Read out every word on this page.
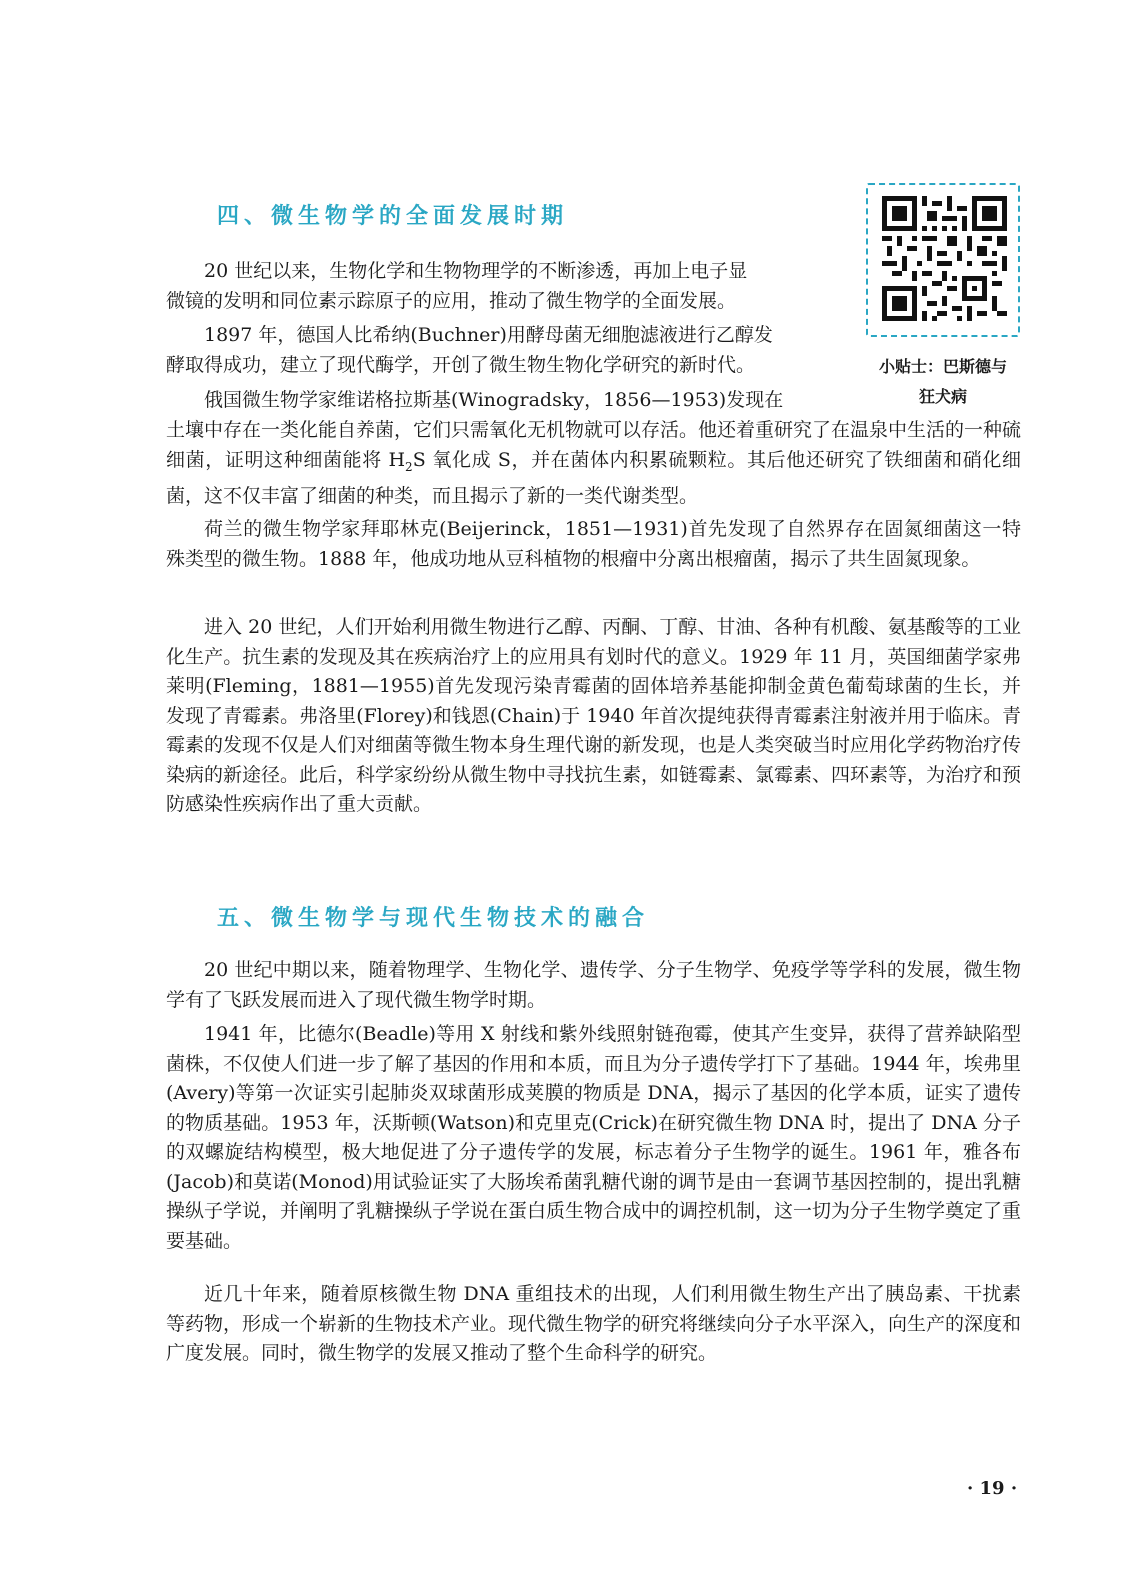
四、微生物学的全面发展时期

20 世纪以来，生物化学和生物物理学的不断渗透，再加上电子显
微镜的发明和同位素示踪原子的应用，推动了微生物学的全面发展。

1897 年，德国人比希纳(Buchner)用酵母菌无细胞滤液进行乙醇发
酵取得成功，建立了现代酶学，开创了微生物生物化学研究的新时代。

俄国微生物学家维诺格拉斯基(Winogradsky，1856—1953)发现在

土壤中存在一类化能自养菌，它们只需氧化无机物就可以存活。他还着重研究了在温泉中生活的一种硫细菌，证明这种细菌能将 $H_2S$ 氧化成 S，并在菌体内积累硫颗粒。其后他还研究了铁细菌和硝化细菌，这不仅丰富了细菌的种类，而且揭示了新的一类代谢类型。

荷兰的微生物学家拜耶林克(Beijerinck，1851—1931)首先发现了自然界存在固氮细菌这一特殊类型的微生物。1888 年，他成功地从豆科植物的根瘤中分离出根瘤菌，揭示了共生固氮现象。

进入 20 世纪，人们开始利用微生物进行乙醇、丙酮、丁醇、甘油、各种有机酸、氨基酸等的工业化生产。抗生素的发现及其在疾病治疗上的应用具有划时代的意义。1929 年 11 月，英国细菌学家弗莱明(Fleming，1881—1955)首先发现污染青霉菌的固体培养基能抑制金黄色葡萄球菌的生长，并发现了青霉素。弗洛里(Florey)和钱恩(Chain)于 1940 年首次提纯获得青霉素注射液并用于临床。青霉素的发现不仅是人们对细菌等微生物本身生理代谢的新发现，也是人类突破当时应用化学药物治疗传染病的新途径。此后，科学家纷纷从微生物中寻找抗生素，如链霉素、氯霉素、四环素等，为治疗和预防感染性疾病作出了重大贡献。

五、微生物学与现代生物技术的融合

20 世纪中期以来，随着物理学、生物化学、遗传学、分子生物学、免疫学等学科的发展，微生物学有了飞跃发展而进入了现代微生物学时期。

1941 年，比德尔(Beadle)等用 X 射线和紫外线照射链孢霉，使其产生变异，获得了营养缺陷型菌株，不仅使人们进一步了解了基因的作用和本质，而且为分子遗传学打下了基础。1944 年，埃弗里(Avery)等第一次证实引起肺炎双球菌形成荚膜的物质是 DNA，揭示了基因的化学本质，证实了遗传的物质基础。1953 年，沃斯顿(Watson)和克里克(Crick)在研究微生物 DNA 时，提出了 DNA 分子的双螺旋结构模型，极大地促进了分子遗传学的发展，标志着分子生物学的诞生。1961 年，雅各布(Jacob)和莫诺(Monod)用试验证实了大肠埃希菌乳糖代谢的调节是由一套调节基因控制的，提出乳糖操纵子学说，并阐明了乳糖操纵子学说在蛋白质生物合成中的调控机制，这一切为分子生物学奠定了重要基础。

近几十年来，随着原核微生物 DNA 重组技术的出现，人们利用微生物生产出了胰岛素、干扰素等药物，形成一个崭新的生物技术产业。现代微生物学的研究将继续向分子水平深入，向生产的深度和广度发展。同时，微生物学的发展又推动了整个生命科学的研究。

小贴士：巴斯德与
狂犬病
· 19 ·
